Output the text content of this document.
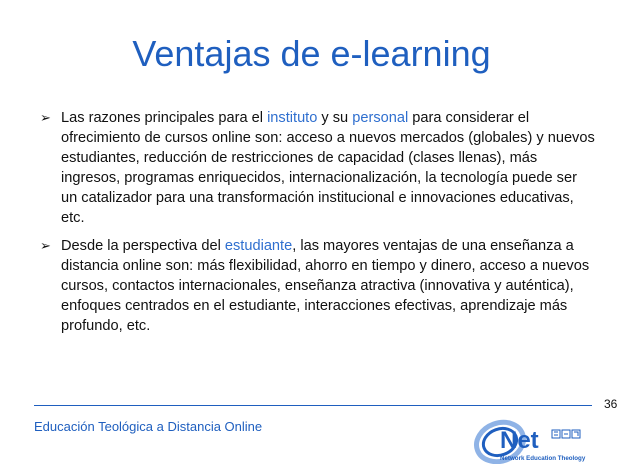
Ventajas de e-learning
➢ Las razones principales para el instituto y su personal para considerar el ofrecimiento de cursos online son: acceso a nuevos mercados (globales) y nuevos estudiantes, reducción de restricciones de capacidad (clases llenas), más ingresos, programas enriquecidos, internacionalización, la tecnología puede ser un catalizador para una transformación institucional e innovaciones educativas, etc.
➢ Desde la perspectiva del estudiante, las mayores ventajas de una enseñanza a distancia online son: más flexibilidad, ahorro en tiempo y dinero, acceso a nuevos cursos, contactos internacionales, enseñanza atractiva (innovativa y auténtica), enfoques centrados en el estudiante, interacciones efectivas, aprendizaje más profundo, etc.
36
Educación Teológica a Distancia Online
Net
Network Education Theology
